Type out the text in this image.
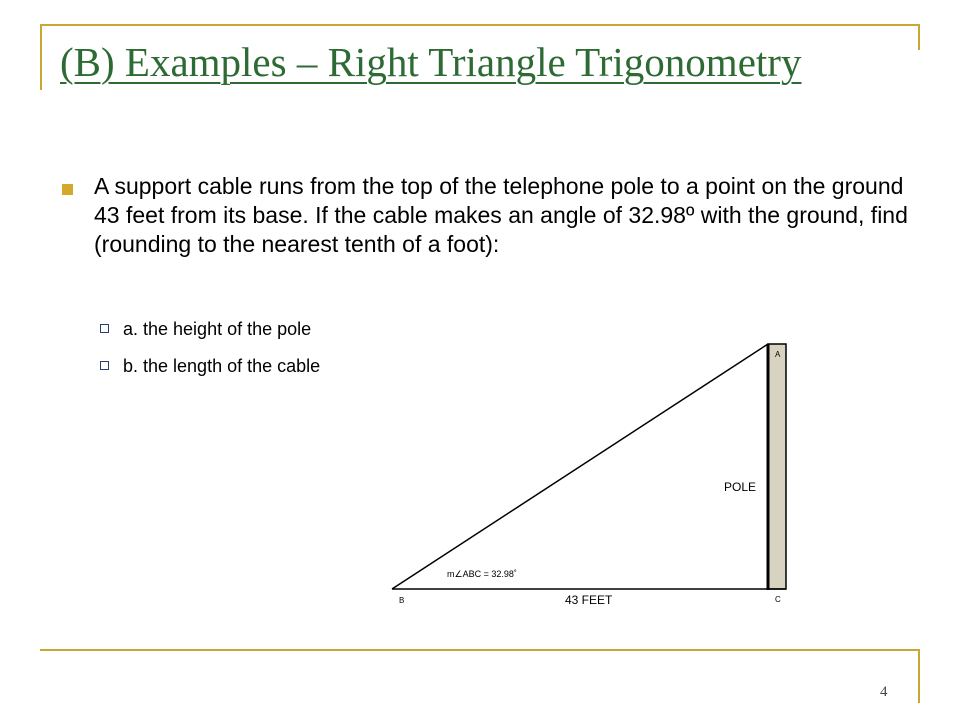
(B) Examples – Right Triangle Trigonometry
A support cable runs from the top of the telephone pole to a point on the ground 43 feet from its base. If the cable makes an angle of 32.98º with the ground, find (rounding to the nearest tenth of a foot):
a. the height of the pole
b. the length of the cable
A
B	C
POLE
43 FEET
m∠ABC = 32.98˚
4
